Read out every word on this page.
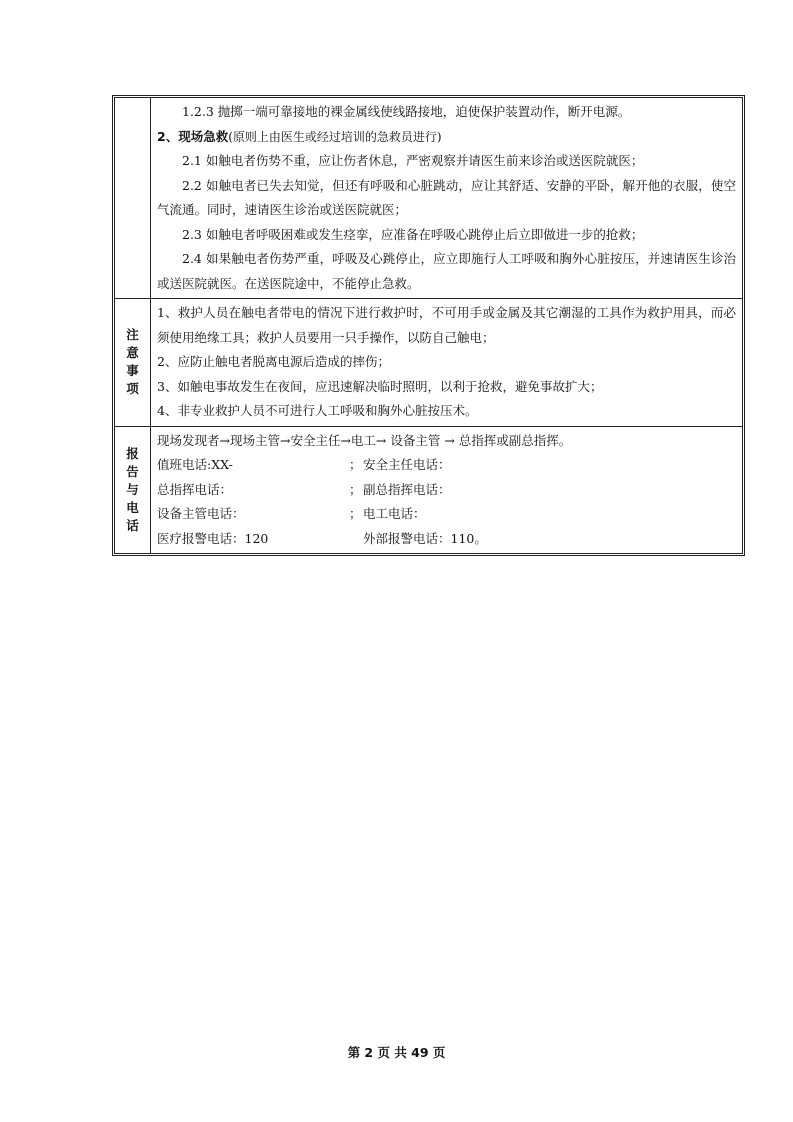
1.2.3 抛掷一端可靠接地的裸金属线使线路接地，迫使保护装置动作，断开电源。

2、现场急救(原则上由医生或经过培训的急救员进行)

2.1 如触电者伤势不重，应让伤者休息，严密观察并请医生前来诊治或送医院就医；

2.2 如触电者已失去知觉，但还有呼吸和心脏跳动，应让其舒适、安静的平卧，解开他的衣服，使空气流通。同时，速请医生诊治或送医院就医；

2.3 如触电者呼吸困难或发生痉挛，应准备在呼吸心跳停止后立即做进一步的抢救；

2.4 如果触电者伤势严重，呼吸及心跳停止，应立即施行人工呼吸和胸外心脏按压，并速请医生诊治或送医院就医。在送医院途中，不能停止急救。

注意事项

1、救护人员在触电者带电的情况下进行救护时，不可用手或金属及其它潮湿的工具作为救护用具，而必须使用绝缘工具；救护人员要用一只手操作，以防自己触电；

2、应防止触电者脱离电源后造成的摔伤；

3、如触电事故发生在夜间，应迅速解决临时照明，以利于抢救，避免事故扩大；

4、非专业救护人员不可进行人工呼吸和胸外心脏按压术。

报告与电话

现场发现者→现场主管→安全主任→电工→ 设备主管 → 总指挥或副总指挥。

值班电话:XX-	； 安全主任电话：
总指挥电话：	； 副总指挥电话：
设备主管电话：	； 电工电话：
医疗报警电话：120	外部报警电话：110。
第 2 页 共 49 页
